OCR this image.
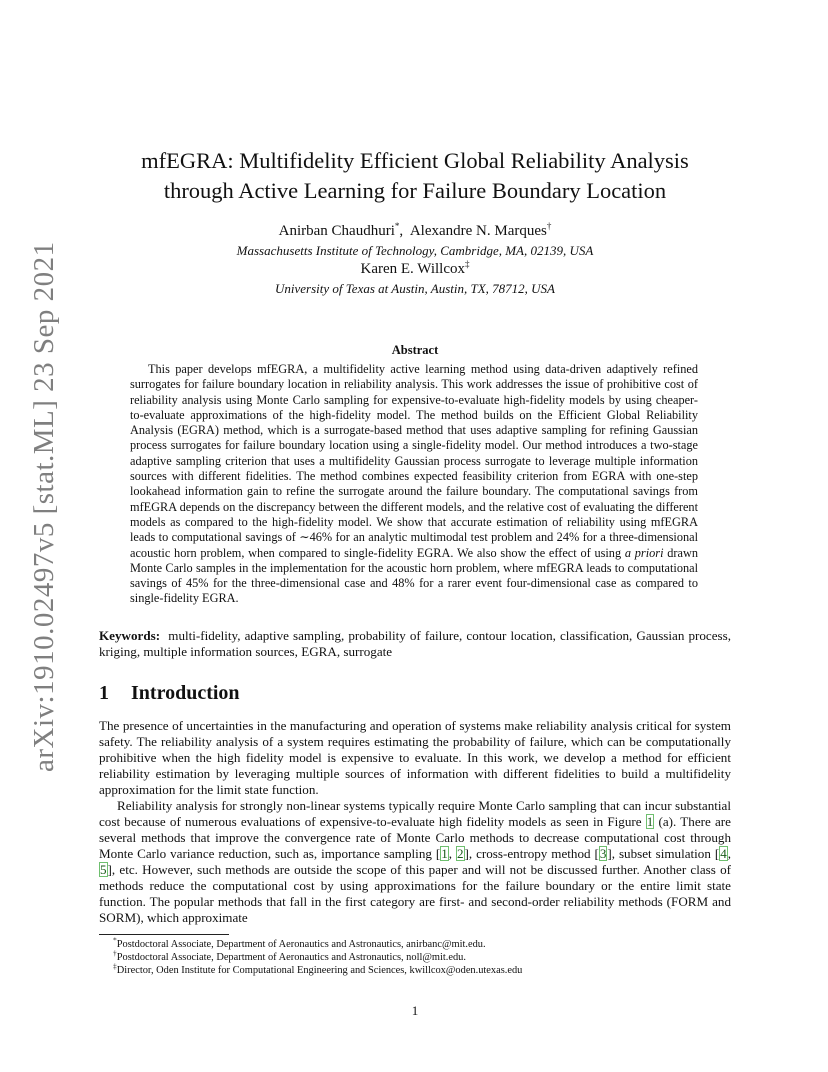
arXiv:1910.02497v5 [stat.ML] 23 Sep 2021
mfEGRA: Multifidelity Efficient Global Reliability Analysis
through Active Learning for Failure Boundary Location
Anirban Chaudhuri*,  Alexandre N. Marques†
Massachusetts Institute of Technology, Cambridge, MA, 02139, USA
Karen E. Willcox‡
University of Texas at Austin, Austin, TX, 78712, USA
Abstract

This paper develops mfEGRA, a multifidelity active learning method using data-driven adaptively refined surrogates for failure boundary location in reliability analysis. This work addresses the issue of prohibitive cost of reliability analysis using Monte Carlo sampling for expensive-to-evaluate high-fidelity models by using cheaper-to-evaluate approximations of the high-fidelity model. The method builds on the Efficient Global Reliability Analysis (EGRA) method, which is a surrogate-based method that uses adaptive sampling for refining Gaussian process surrogates for failure boundary location using a single-fidelity model. Our method introduces a two-stage adaptive sampling criterion that uses a multifidelity Gaussian process surrogate to leverage multiple information sources with different fidelities. The method combines expected feasibility criterion from EGRA with one-step lookahead information gain to refine the surrogate around the failure boundary. The computational savings from mfEGRA depends on the discrepancy between the different models, and the relative cost of evaluating the different models as compared to the high-fidelity model. We show that accurate estimation of reliability using mfEGRA leads to computational savings of ∼46% for an analytic multimodal test problem and 24% for a three-dimensional acoustic horn problem, when compared to single-fidelity EGRA. We also show the effect of using a priori drawn Monte Carlo samples in the implementation for the acoustic horn problem, where mfEGRA leads to computational savings of 45% for the three-dimensional case and 48% for a rarer event four-dimensional case as compared to single-fidelity EGRA.

Keywords: multi-fidelity, adaptive sampling, probability of failure, contour location, classification, Gaussian process, kriging, multiple information sources, EGRA, surrogate

1 Introduction

The presence of uncertainties in the manufacturing and operation of systems make reliability analysis critical for system safety. The reliability analysis of a system requires estimating the probability of failure, which can be computationally prohibitive when the high fidelity model is expensive to evaluate. In this work, we develop a method for efficient reliability estimation by leveraging multiple sources of information with different fidelities to build a multifidelity approximation for the limit state function.

Reliability analysis for strongly non-linear systems typically require Monte Carlo sampling that can incur substantial cost because of numerous evaluations of expensive-to-evaluate high fidelity models as seen in Figure 1 (a). There are several methods that improve the convergence rate of Monte Carlo methods to decrease computational cost through Monte Carlo variance reduction, such as, importance sampling [1, 2], cross-entropy method [3], subset simulation [4, 5], etc. However, such methods are outside the scope of this paper and will not be discussed further. Another class of methods reduce the computational cost by using approximations for the failure boundary or the entire limit state function. The popular methods that fall in the first category are first- and second-order reliability methods (FORM and SORM), which approximate

*Postdoctoral Associate, Department of Aeronautics and Astronautics, anirbanc@mit.edu.
†Postdoctoral Associate, Department of Aeronautics and Astronautics, noll@mit.edu.
‡Director, Oden Institute for Computational Engineering and Sciences, kwillcox@oden.utexas.edu
1
